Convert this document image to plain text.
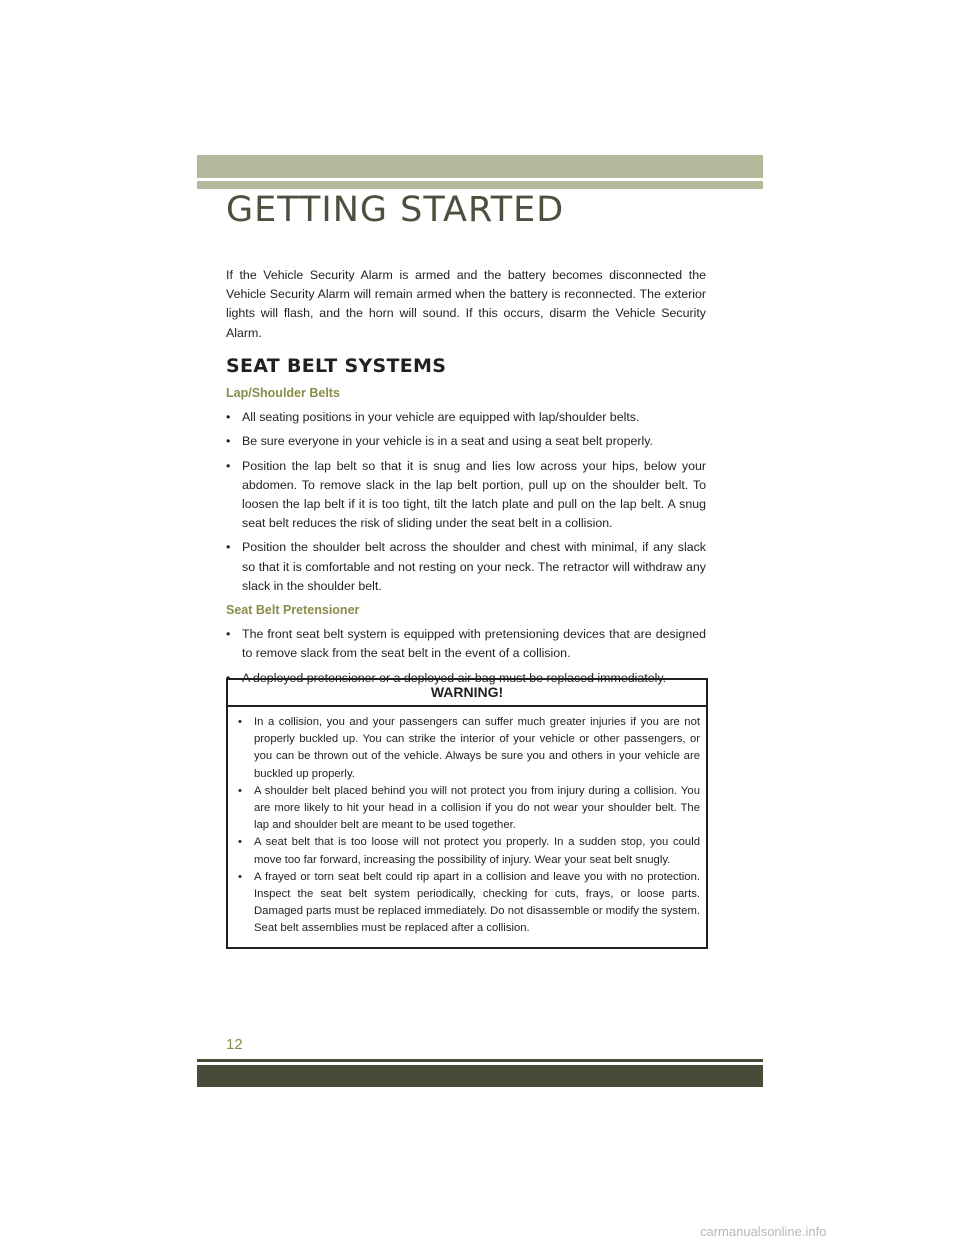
GETTING STARTED

If the Vehicle Security Alarm is armed and the battery becomes disconnected the Vehicle Security Alarm will remain armed when the battery is reconnected. The exterior lights will flash, and the horn will sound. If this occurs, disarm the Vehicle Security Alarm.

SEAT BELT SYSTEMS
Lap/Shoulder Belts
• All seating positions in your vehicle are equipped with lap/shoulder belts.
• Be sure everyone in your vehicle is in a seat and using a seat belt properly.
• Position the lap belt so that it is snug and lies low across your hips, below your abdomen. To remove slack in the lap belt portion, pull up on the shoulder belt. To loosen the lap belt if it is too tight, tilt the latch plate and pull on the lap belt. A snug seat belt reduces the risk of sliding under the seat belt in a collision.
• Position the shoulder belt across the shoulder and chest with minimal, if any slack so that it is comfortable and not resting on your neck. The retractor will withdraw any slack in the shoulder belt.
Seat Belt Pretensioner
• The front seat belt system is equipped with pretensioning devices that are designed to remove slack from the seat belt in the event of a collision.
• A deployed pretensioner or a deployed air bag must be replaced immediately.
WARNING!
• In a collision, you and your passengers can suffer much greater injuries if you are not properly buckled up. You can strike the interior of your vehicle or other passengers, or you can be thrown out of the vehicle. Always be sure you and others in your vehicle are buckled up properly.
• A shoulder belt placed behind you will not protect you from injury during a collision. You are more likely to hit your head in a collision if you do not wear your shoulder belt. The lap and shoulder belt are meant to be used together.
• A seat belt that is too loose will not protect you properly. In a sudden stop, you could move too far forward, increasing the possibility of injury. Wear your seat belt snugly.
• A frayed or torn seat belt could rip apart in a collision and leave you with no protection. Inspect the seat belt system periodically, checking for cuts, frays, or loose parts. Damaged parts must be replaced immediately. Do not disassemble or modify the system. Seat belt assemblies must be replaced after a collision.
12
carmanualsonline.info
